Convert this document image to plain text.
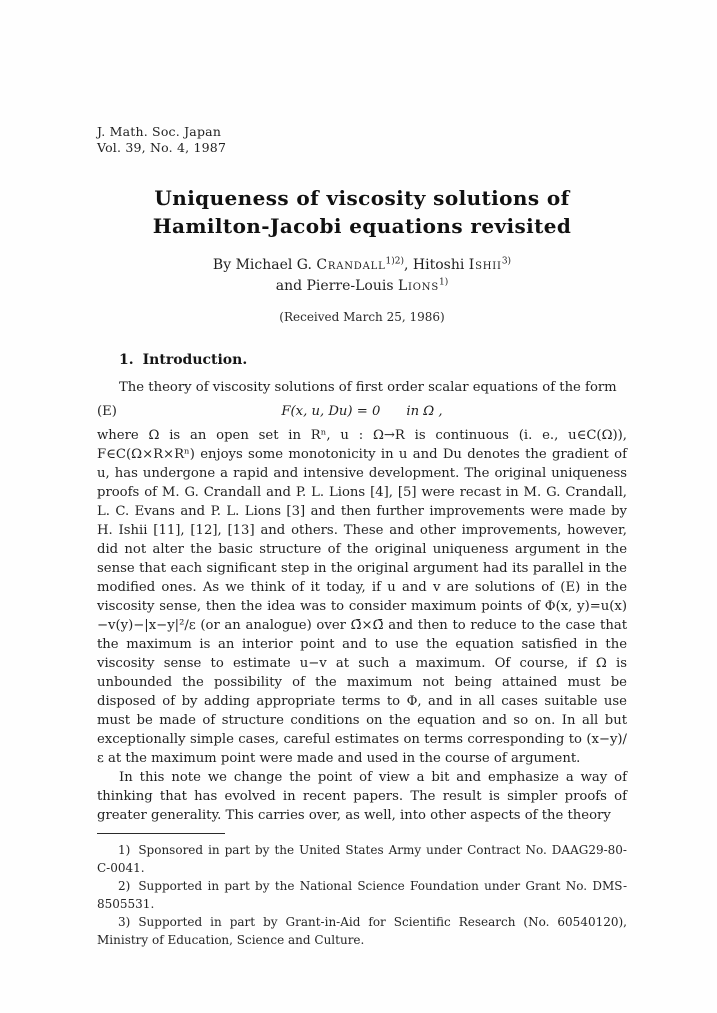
J. Math. Soc. Japan
Vol. 39, No. 4, 1987
Uniqueness of viscosity solutions of
Hamilton-Jacobi equations revisited
By Michael G. Crandall$^{1)2)}$, Hitoshi Ishii$^{3)}$
and Pierre-Louis Lions$^{1)}$
(Received March 25, 1986)
1. Introduction.

The theory of viscosity solutions of first order scalar equations of the form

(E)	F(x, u, Du) = 0 in Ω ,

where Ω is an open set in Rⁿ, u : Ω→R is continuous (i. e., u∈C(Ω)), F∈C(Ω×R×Rⁿ) enjoys some monotonicity in u and Du denotes the gradient of u, has undergone a rapid and intensive development. The original uniqueness proofs of M. G. Crandall and P. L. Lions [4], [5] were recast in M. G. Crandall, L. C. Evans and P. L. Lions [3] and then further improvements were made by H. Ishii [11], [12], [13] and others. These and other improvements, however, did not alter the basic structure of the original uniqueness argument in the sense that each significant step in the original argument had its parallel in the modified ones. As we think of it today, if u and v are solutions of (E) in the viscosity sense, then the idea was to consider maximum points of Φ(x, y)=u(x)−v(y)−|x−y|²/ε (or an analogue) over Ω̄×Ω̄ and then to reduce to the case that the maximum is an interior point and to use the equation satisfied in the viscosity sense to estimate u−v at such a maximum. Of course, if Ω is unbounded the possibility of the maximum not being attained must be disposed of by adding appropriate terms to Φ, and in all cases suitable use must be made of structure conditions on the equation and so on. In all but exceptionally simple cases, careful estimates on terms corresponding to (x−y)/ε at the maximum point were made and used in the course of argument.

In this note we change the point of view a bit and emphasize a way of thinking that has evolved in recent papers. The result is simpler proofs of greater generality. This carries over, as well, into other aspects of the theory

1) Sponsored in part by the United States Army under Contract No. DAAG29-80-C-0041.

2) Supported in part by the National Science Foundation under Grant No. DMS-8505531.

3) Supported in part by Grant-in-Aid for Scientific Research (No. 60540120), Ministry of Education, Science and Culture.
